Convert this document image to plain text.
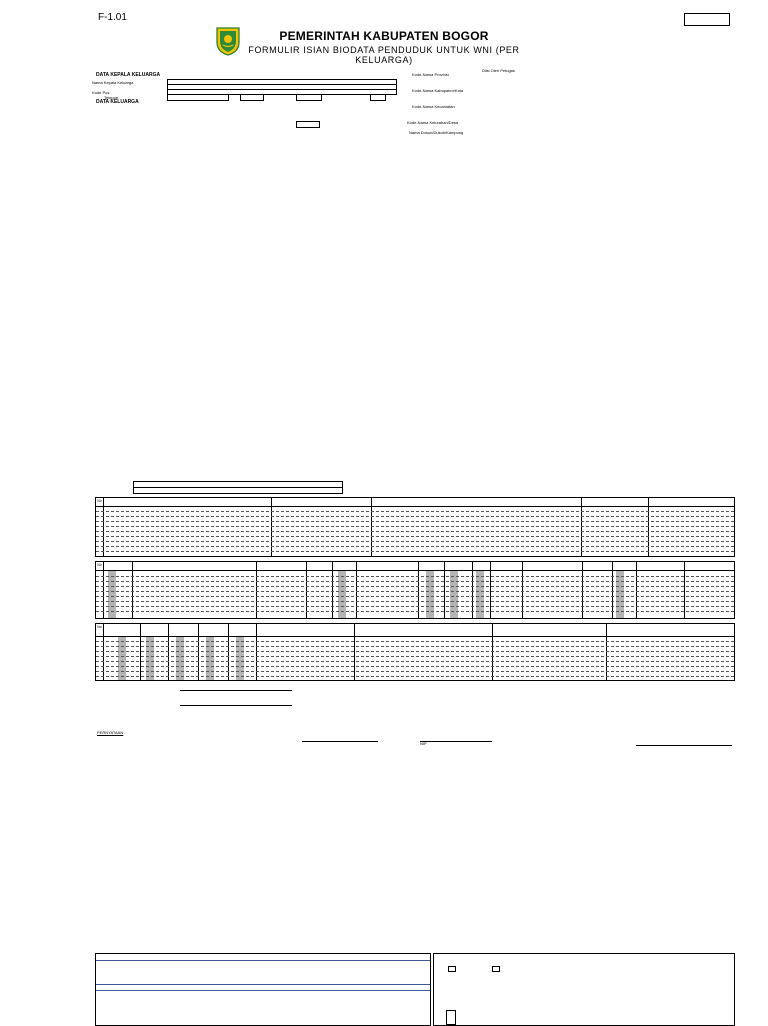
F-1.01
PEMERINTAH KABUPATEN BOGOR
FORMULIR ISIAN BIODATA PENDUDUK UNTUK WNI (PER KELUARGA)
Diisi Oleh Petugas
DATA KEPALA KELUARGA
Nama Kepala Keluarga
Kode Pos
Telepon
DATA KELUARGA
Kode-Nama Provinsi
Kode-Nama Kabupaten/Kota
Kode-Nama Kecamatan
Kode-Nama Kelurahan/Desa
Nama Dusun/Dukuh/Kampung
No
No
No
PERNYATAAN
NIP
